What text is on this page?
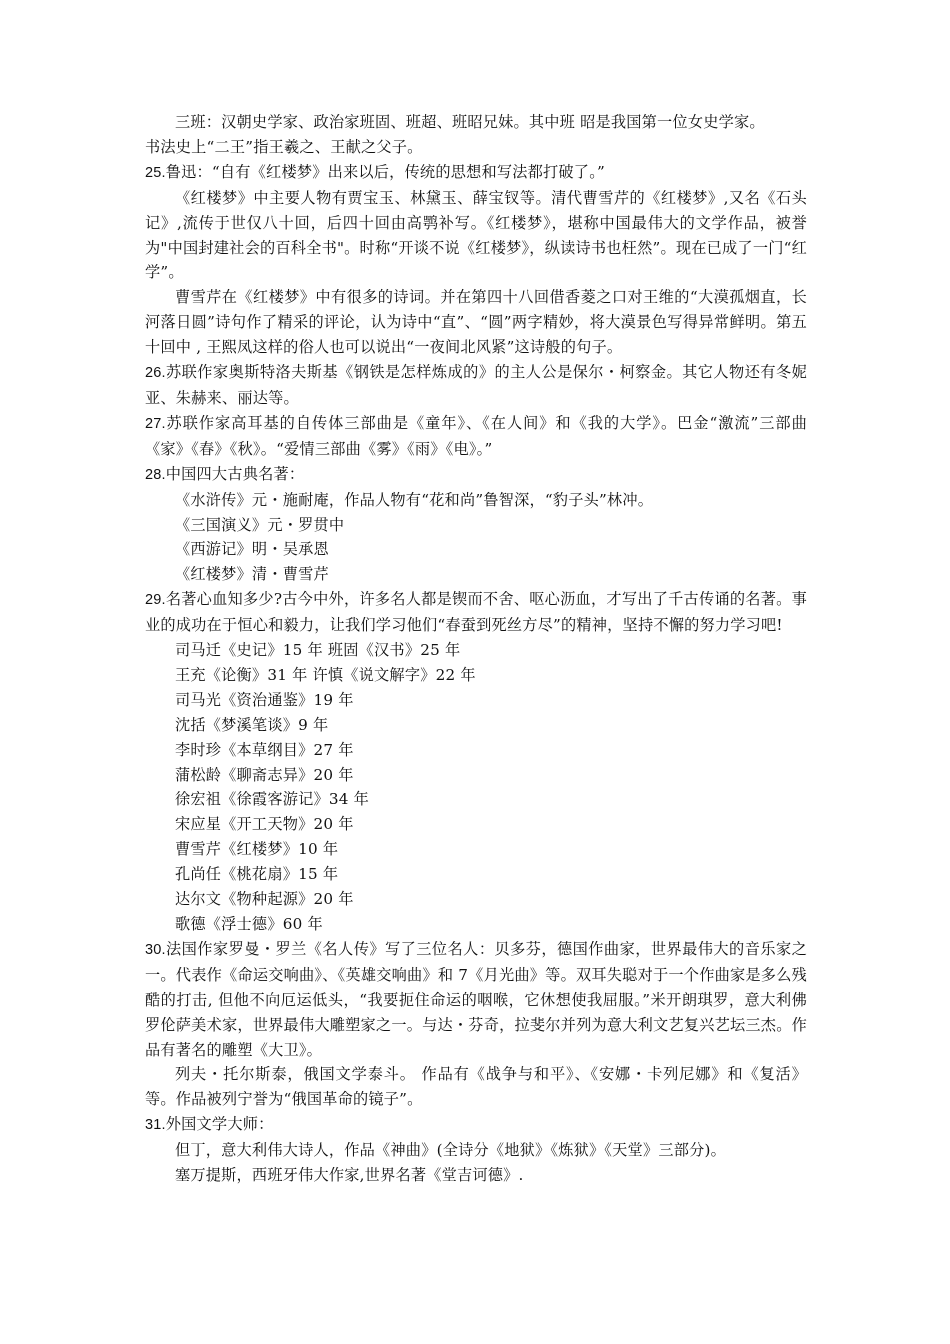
三班：汉朝史学家、政治家班固、班超、班昭兄妹。其中班 昭是我国第一位女史学家。

书法史上“二王”指王羲之、王献之父子。

25.鲁迅：“自有《红楼梦》出来以后，传统的思想和写法都打破了。”

《红楼梦》中主要人物有贾宝玉、林黛玉、薛宝钗等。清代曹雪芹的《红楼梦》,又名《石头记》,流传于世仅八十回，后四十回由高鹗补写。《红楼梦》，堪称中国最伟大的文学作品，被誉为"中国封建社会的百科全书"。时称“开谈不说《红楼梦》，纵读诗书也枉然”。现在已成了一门“红学”。

曹雪芹在《红楼梦》中有很多的诗词。并在第四十八回借香菱之口对王维的“大漠孤烟直，长河落日圆”诗句作了精采的评论，认为诗中“直”、“圆”两字精妙，将大漠景色写得异常鲜明。第五十回中 , 王熙凤这样的俗人也可以说出“一夜间北风紧”这诗般的句子。

26.苏联作家奥斯特洛夫斯基《钢铁是怎样炼成的》的主人公是保尔・柯察金。其它人物还有冬妮亚、朱赫来、丽达等。

27.苏联作家高耳基的自传体三部曲是《童年》、《在人间》和《我的大学》。巴金“激流”三部曲《家》《春》《秋》。“爱情三部曲《雾》《雨》《电》。”

28.中国四大古典名著：

《水浒传》元・施耐庵，作品人物有“花和尚”鲁智深，“豹子头”林冲。

《三国演义》元・罗贯中

《西游记》明・吴承恩

《红楼梦》清・曹雪芹

29.名著心血知多少?古今中外，许多名人都是锲而不舍、呕心沥血，才写出了千古传诵的名著。事业的成功在于恒心和毅力，让我们学习他们“春蚕到死丝方尽”的精神，坚持不懈的努力学习吧!

司马迁《史记》15 年 班固《汉书》25 年

王充《论衡》31 年 许慎《说文解字》22 年

司马光《资治通鉴》19 年

沈括《梦溪笔谈》9 年

李时珍《本草纲目》27 年

蒲松龄《聊斋志异》20 年

徐宏祖《徐霞客游记》34 年

宋应星《开工天物》20 年

曹雪芹《红楼梦》10 年

孔尚任《桃花扇》15 年

达尔文《物种起源》20 年

歌德《浮士德》60 年

30.法国作家罗曼・罗兰《名人传》写了三位名人：贝多芬，德国作曲家，世界最伟大的音乐家之一。代表作《命运交响曲》、《英雄交响曲》和 7《月光曲》等。双耳失聪对于一个作曲家是多么残酷的打击, 但他不向厄运低头，“我要扼住命运的咽喉，它休想使我屈服。”米开朗琪罗，意大利佛罗伦萨美术家，世界最伟大雕塑家之一。与达・芬奇，拉斐尔并列为意大利文艺复兴艺坛三杰。作品有著名的雕塑《大卫》。

列夫・托尔斯泰，俄国文学泰斗。 作品有《战争与和平》、《安娜・卡列尼娜》和《复活》等。作品被列宁誉为“俄国革命的镜子”。

31.外国文学大师：

但丁，意大利伟大诗人，作品《神曲》(全诗分《地狱》《炼狱》《天堂》三部分)。

塞万提斯，西班牙伟大作家,世界名著《堂吉诃德》.
